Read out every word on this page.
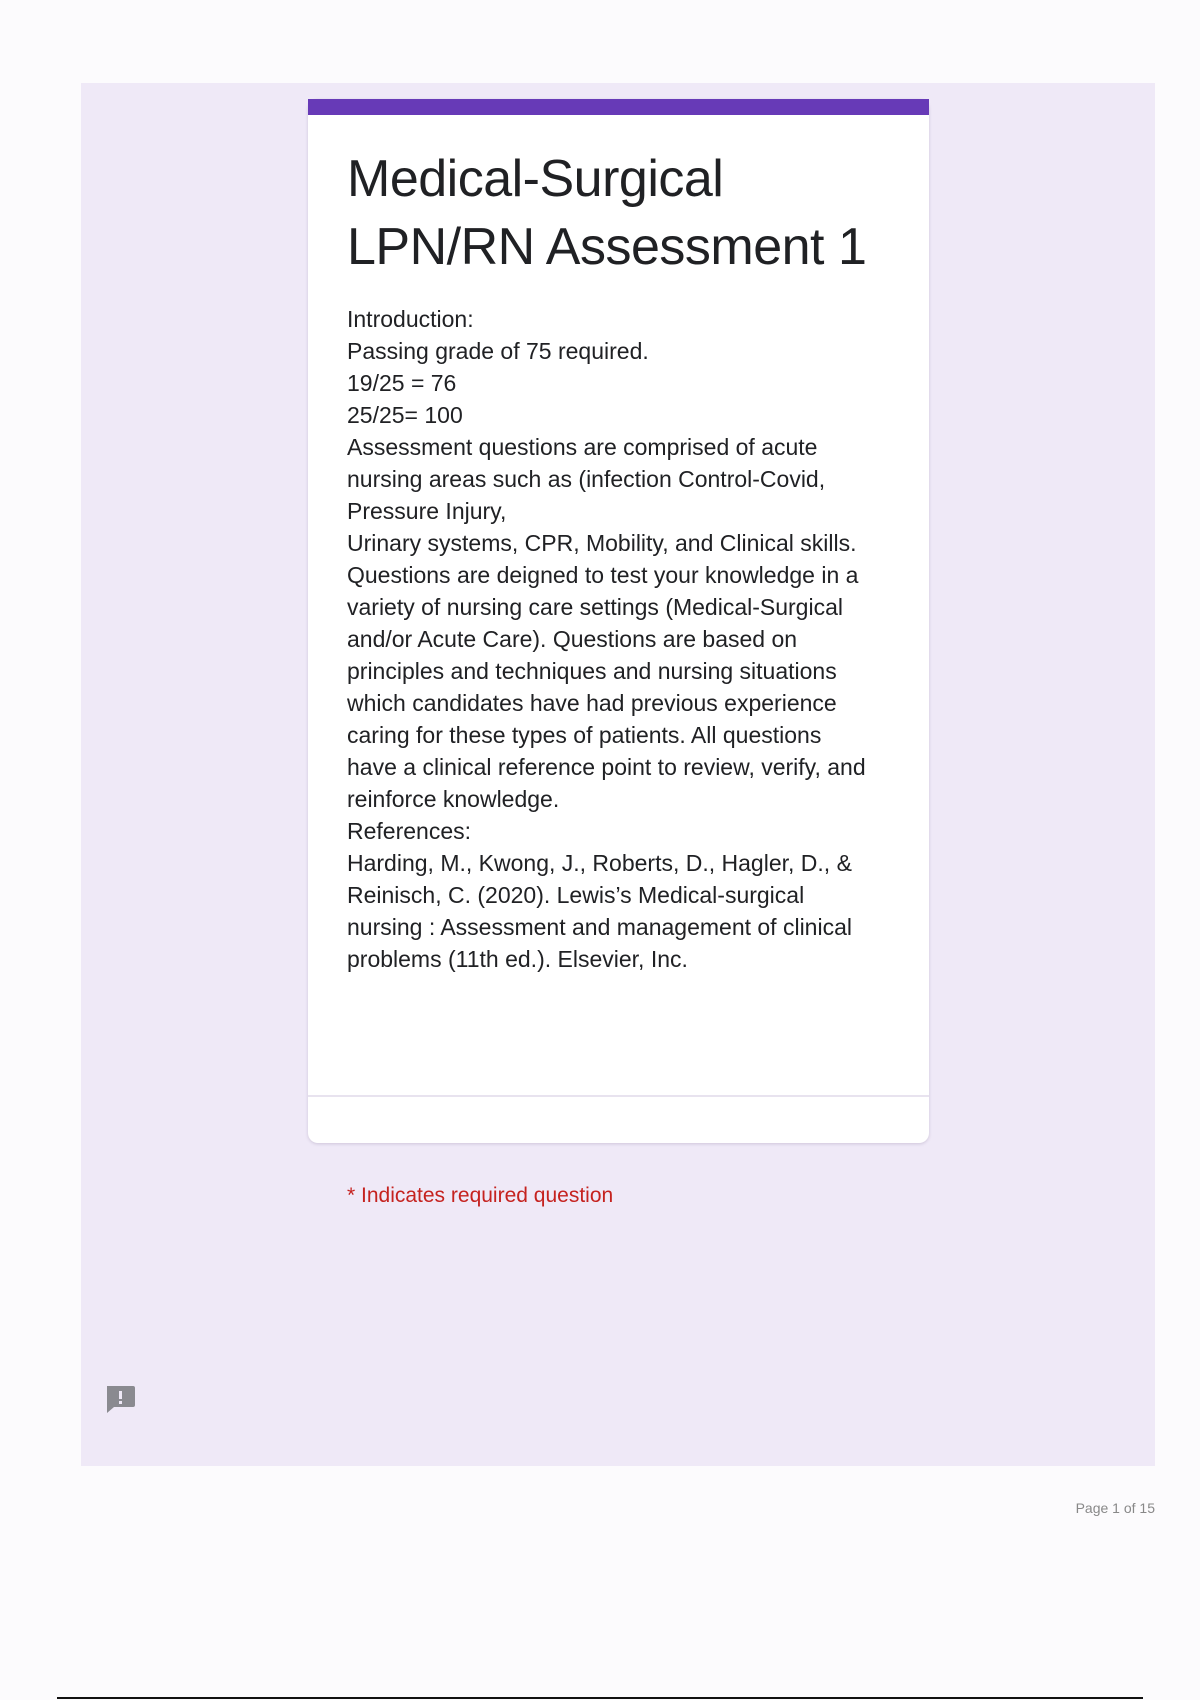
Medical-Surgical
LPN/RN Assessment 1
Introduction:
Passing grade of 75 required.
19/25 = 76
25/25= 100
Assessment questions are comprised of acute
nursing areas such as (infection Control-Covid,
Pressure Injury,
Urinary systems, CPR, Mobility, and Clinical skills.
Questions are deigned to test your knowledge in a
variety of nursing care settings (Medical-Surgical
and/or Acute Care). Questions are based on
principles and techniques and nursing situations
which candidates have had previous experience
caring for these types of patients. All questions
have a clinical reference point to review, verify, and
reinforce knowledge.
References:
Harding, M., Kwong, J., Roberts, D., Hagler, D., &
Reinisch, C. (2020). Lewis’s Medical-surgical
nursing : Assessment and management of clinical
problems (11th ed.). Elsevier, Inc.
* Indicates required question
Page 1 of 15
